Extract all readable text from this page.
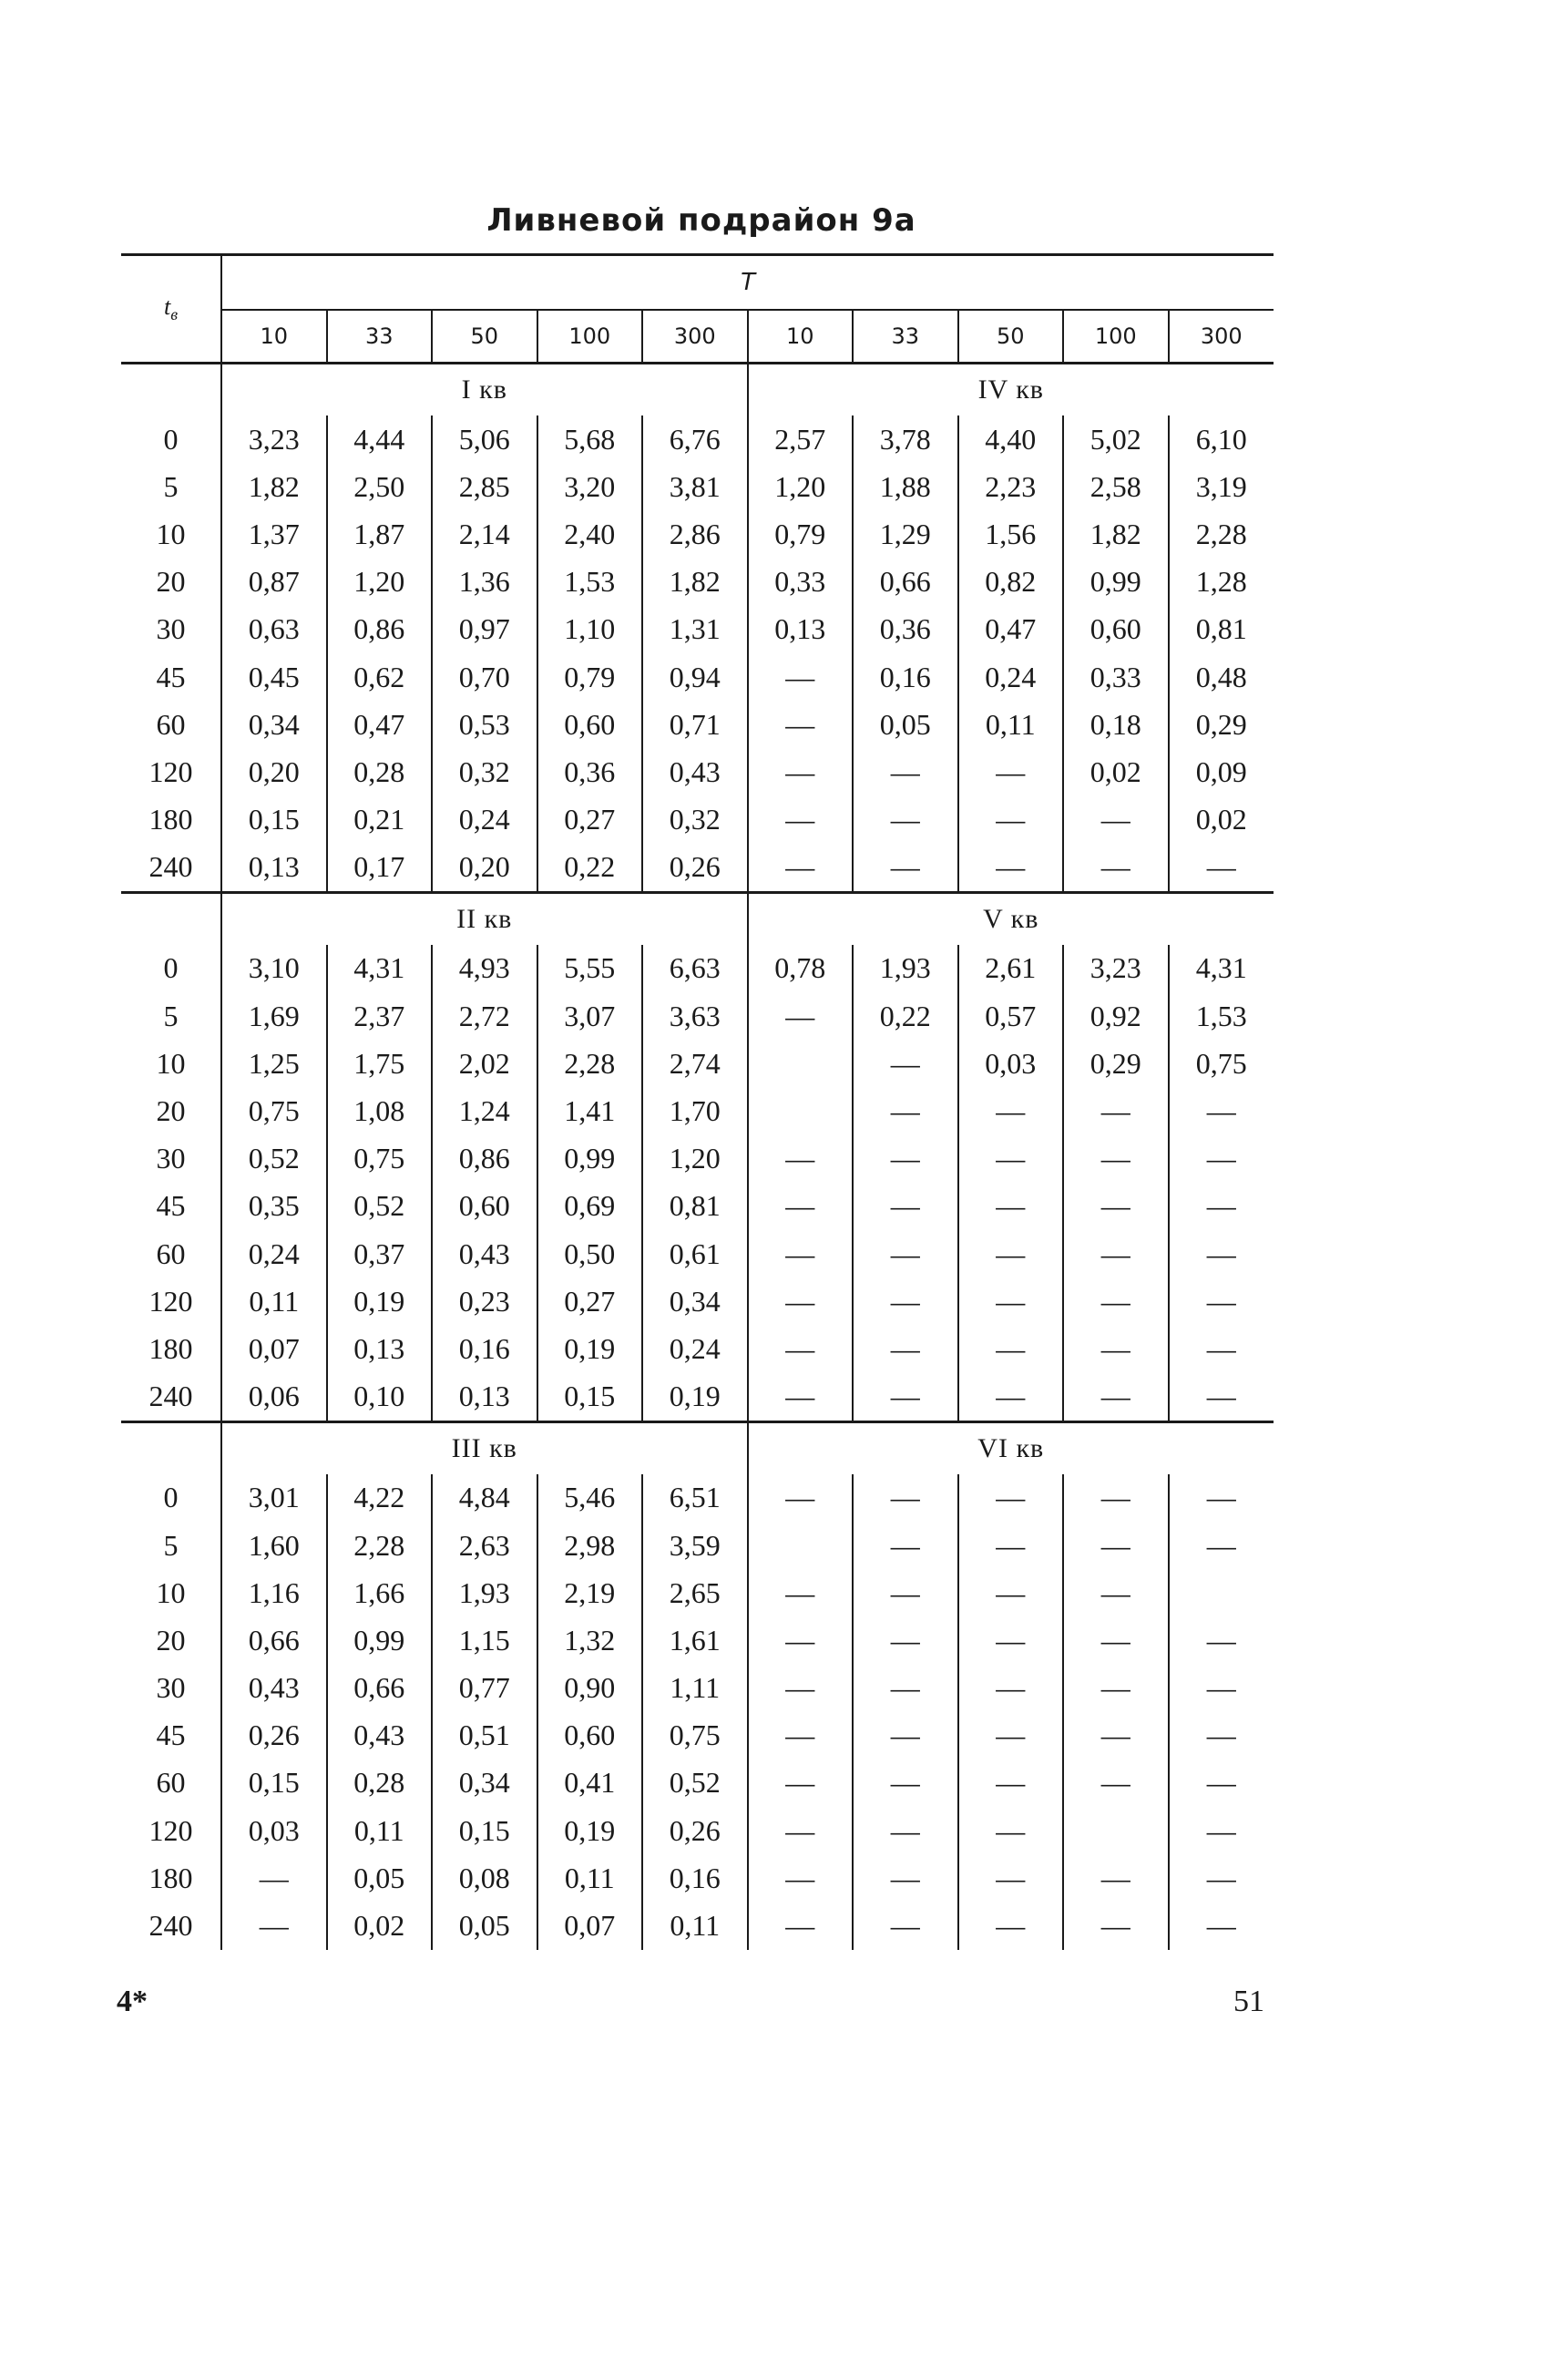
Ливневой подрайон 9а
$t_в$	T									
	10	33	50	100	300	10	33	50	100	300
	I кв					IV кв				
0	3,23	4,44	5,06	5,68	6,76	2,57	3,78	4,40	5,02	6,10
5	1,82	2,50	2,85	3,20	3,81	1,20	1,88	2,23	2,58	3,19
10	1,37	1,87	2,14	2,40	2,86	0,79	1,29	1,56	1,82	2,28
20	0,87	1,20	1,36	1,53	1,82	0,33	0,66	0,82	0,99	1,28
30	0,63	0,86	0,97	1,10	1,31	0,13	0,36	0,47	0,60	0,81
45	0,45	0,62	0,70	0,79	0,94	—	0,16	0,24	0,33	0,48
60	0,34	0,47	0,53	0,60	0,71	—	0,05	0,11	0,18	0,29
120	0,20	0,28	0,32	0,36	0,43	—	—	—	0,02	0,09
180	0,15	0,21	0,24	0,27	0,32	—	—	—	—	0,02
240	0,13	0,17	0,20	0,22	0,26	—	—	—	—	—
	II кв					V кв				
0	3,10	4,31	4,93	5,55	6,63	0,78	1,93	2,61	3,23	4,31
5	1,69	2,37	2,72	3,07	3,63	—	0,22	0,57	0,92	1,53
10	1,25	1,75	2,02	2,28	2,74		—	0,03	0,29	0,75
20	0,75	1,08	1,24	1,41	1,70		—	—	—	—
30	0,52	0,75	0,86	0,99	1,20	—	—	—	—	—
45	0,35	0,52	0,60	0,69	0,81	—	—	—	—	—
60	0,24	0,37	0,43	0,50	0,61	—	—	—	—	—
120	0,11	0,19	0,23	0,27	0,34	—	—	—	—	—
180	0,07	0,13	0,16	0,19	0,24	—	—	—	—	—
240	0,06	0,10	0,13	0,15	0,19	—	—	—	—	—
	III кв					VI кв				
0	3,01	4,22	4,84	5,46	6,51	—	—	—	—	—
5	1,60	2,28	2,63	2,98	3,59		—	—	—	—
10	1,16	1,66	1,93	2,19	2,65	—	—	—	—	
20	0,66	0,99	1,15	1,32	1,61	—	—	—	—	—
30	0,43	0,66	0,77	0,90	1,11	—	—	—	—	—
45	0,26	0,43	0,51	0,60	0,75	—	—	—	—	—
60	0,15	0,28	0,34	0,41	0,52	—	—	—	—	—
120	0,03	0,11	0,15	0,19	0,26	—	—	—		—
180	—	0,05	0,08	0,11	0,16	—	—	—	—	—
240	—	0,02	0,05	0,07	0,11	—	—	—	—	—
4*	51
